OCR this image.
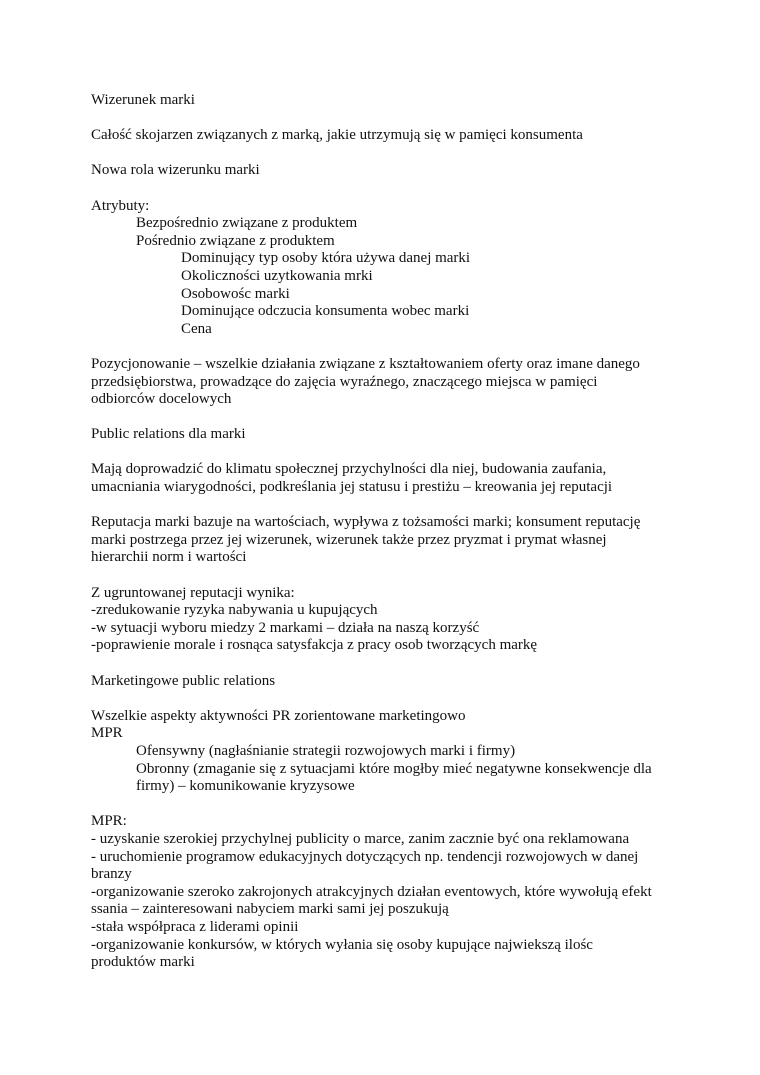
Wizerunek marki
Całość skojarzen związanych z marką, jakie utrzymują się w pamięci konsumenta
Nowa rola wizerunku marki
Atrybuty:
Bezpośrednio związane z produktem
Pośrednio związane z produktem
Dominujący typ osoby która używa danej marki
Okoliczności uzytkowania mrki
Osobowośc marki
Dominujące odczucia konsumenta wobec marki
Cena
Pozycjonowanie – wszelkie działania związane z kształtowaniem oferty oraz imane danego
przedsiębiorstwa, prowadzące do zajęcia wyraźnego, znaczącego miejsca w pamięci
odbiorców docelowych
Public relations dla marki
Mają doprowadzić do klimatu społecznej przychylności dla niej, budowania zaufania,
umacniania wiarygodności, podkreślania jej statusu i prestiżu – kreowania jej reputacji
Reputacja marki bazuje na wartościach, wypływa z tożsamości marki; konsument reputację
marki postrzega przez jej wizerunek, wizerunek także przez pryzmat i prymat własnej
hierarchii norm i wartości
Z ugruntowanej reputacji wynika:
-zredukowanie ryzyka nabywania u kupujących
-w sytuacji wyboru miedzy 2 markami – działa na naszą korzyść
-poprawienie morale i rosnąca satysfakcja z pracy osob tworzących markę
Marketingowe public relations
Wszelkie aspekty aktywności PR zorientowane marketingowo
MPR
Ofensywny (nagłaśnianie strategii rozwojowych marki i firmy)
Obronny (zmaganie się z sytuacjami które mogłby mieć negatywne konsekwencje dla
firmy) – komunikowanie kryzysowe
MPR:
- uzyskanie szerokiej przychylnej publicity o marce, zanim zacznie być ona reklamowana
- uruchomienie programow edukacyjnych dotyczących np. tendencji rozwojowych w danej
branzy
-organizowanie szeroko zakrojonych atrakcyjnych działan eventowych, które wywołują efekt
ssania – zainteresowani nabyciem marki sami jej poszukują
-stała współpraca z liderami opinii
-organizowanie konkursów, w których wyłania się osoby kupujące najwiekszą ilośc
produktów marki
